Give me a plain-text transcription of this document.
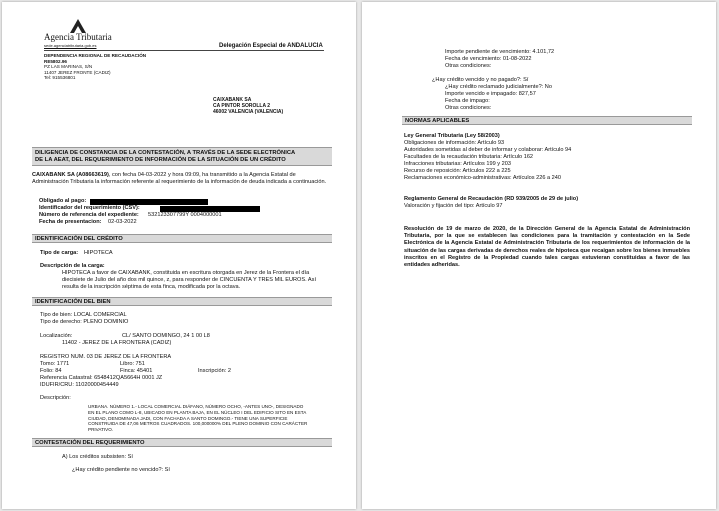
Agencia Tributaria
sede.agenciatributaria.gob.es	Delegación Especial de ANDALUCIA
DEPENDENCIA REGIONAL DE RECAUDACIÓN
RE5802.96
PZ LAS MARINAS, S/N
11407 JEREZ FRONTE (CADIZ)
Tel: 915536801
CAIXABANK SA
CA PINTOR SOROLLA 2
46002 VALENCIA (VALENCIA)
DILIGENCIA DE CONSTANCIA DE LA CONTESTACIÓN, A TRAVÉS DE LA SEDE ELECTRÓNICA
DE LA AEAT, DEL REQUERIMIENTO DE INFORMACIÓN DE LA SITUACIÓN DE UN CRÉDITO
CAIXABANK SA (A08663619), con fecha 04-03-2022 y hora 09:09, ha transmitido a la Agencia Estatal de Administración Tributaria la información referente al requerimiento de la información de deuda indicada a continuación.
Obligado al pago:
Identificador del requerimiento (CSV):
Número de referencia del expediente: 532123307799Y 0004000001
Fecha de presentacion: 02-03-2022
IDENTIFICACIÓN DEL CRÉDITO
Tipo de carga: HIPOTECA
Descripción de la carga:
HIPOTECA a favor de CAIXABANK, constituida en escritura otorgada en Jerez de la Frontera el día diecisiete de Julio del año dos mil quince, z, para responder de CINCUENTA Y TRES MIL EUROS. Así resulta de la inscripción séptima de esta finca, modificada por la octava.
IDENTIFICACIÓN DEL BIEN
Tipo de bien: LOCAL COMERCIAL
Tipo de derecho: PLENO DOMINIO
Localización:	CL/ SANTO DOMINGO, 24 1 00 L8
11402 - JEREZ DE LA FRONTERA (CADIZ)
REGISTRO NUM. 03 DE JEREZ DE LA FRONTERA
Tomo: 1771	Libro: 751
Folio: 84	Finca: 45401	Inscripción: 2
Referencia Catastral: 6548412QA5664H 0001 JZ
IDUFIR/CRU: 11020000454449
Descripción:
URBANA. NÚMERO 1.- LOCAL COMERCIAL DIÁFANO, NÚMERO OCHO, -ANTES UNO-, DESIGNADO EN EL PLANO COMO L-8, UBICADO EN PLANTA BAJA, EN EL NÚCLEO I DEL EDIFICIO SITO EN ESTA CIUDAD, DENOMINADA JADI, CON FACHADA A SANTO DOMINGO.- TIENE UNA SUPERFICIE CONSTRUIDA DE 47,06 METROS CUADRADOS. 100,000000% DEL PLENO DOMINIO CON CARÁCTER PRIVATIVO.
CONTESTACIÓN DEL REQUERIMIENTO
A) Los créditos subsisten: Sí
¿Hay crédito pendiente no vencido?: Sí
Importe pendiente de vencimiento: 4.101,72
Fecha de vencimiento: 01-08-2022
Otras condiciones:
¿Hay crédito vencido y no pagado?: Sí
¿Hay crédito reclamado judicialmente?: No
Importe vencido e impagado: 827,57
Fecha de impago:
Otras condiciones:
NORMAS APLICABLES
Ley General Tributaria (Ley 58/2003)
Obligaciones de información: Artículo 93
Autoridades sometidas al deber de informar y colaborar: Artículo 94
Facultades de la recaudación tributaria: Artículo 162
Infracciones tributarias: Artículos 199 y 203
Recurso de reposición: Artículos 222 a 225
Reclamaciones económico-administrativas: Artículos 226 a 240
Reglamento General de Recaudación (RD 939/2005 de 29 de julio)
Valoración y fijación del tipo: Artículo 97
Resolución de 19 de marzo de 2020, de la Dirección General de la Agencia Estatal de Administración Tributaria, por la que se establecen las condiciones para la tramitación y contestación en la Sede Electrónica de la Agencia Estatal de Administración Tributaria de los requerimientos de información de la situación de las cargas derivadas de derechos reales de hipoteca que recaigan sobre los bienes inmuebles inscritos en el Registro de la Propiedad cuando tales cargas estuvieran constituidas a favor de las entidades adheridas.
